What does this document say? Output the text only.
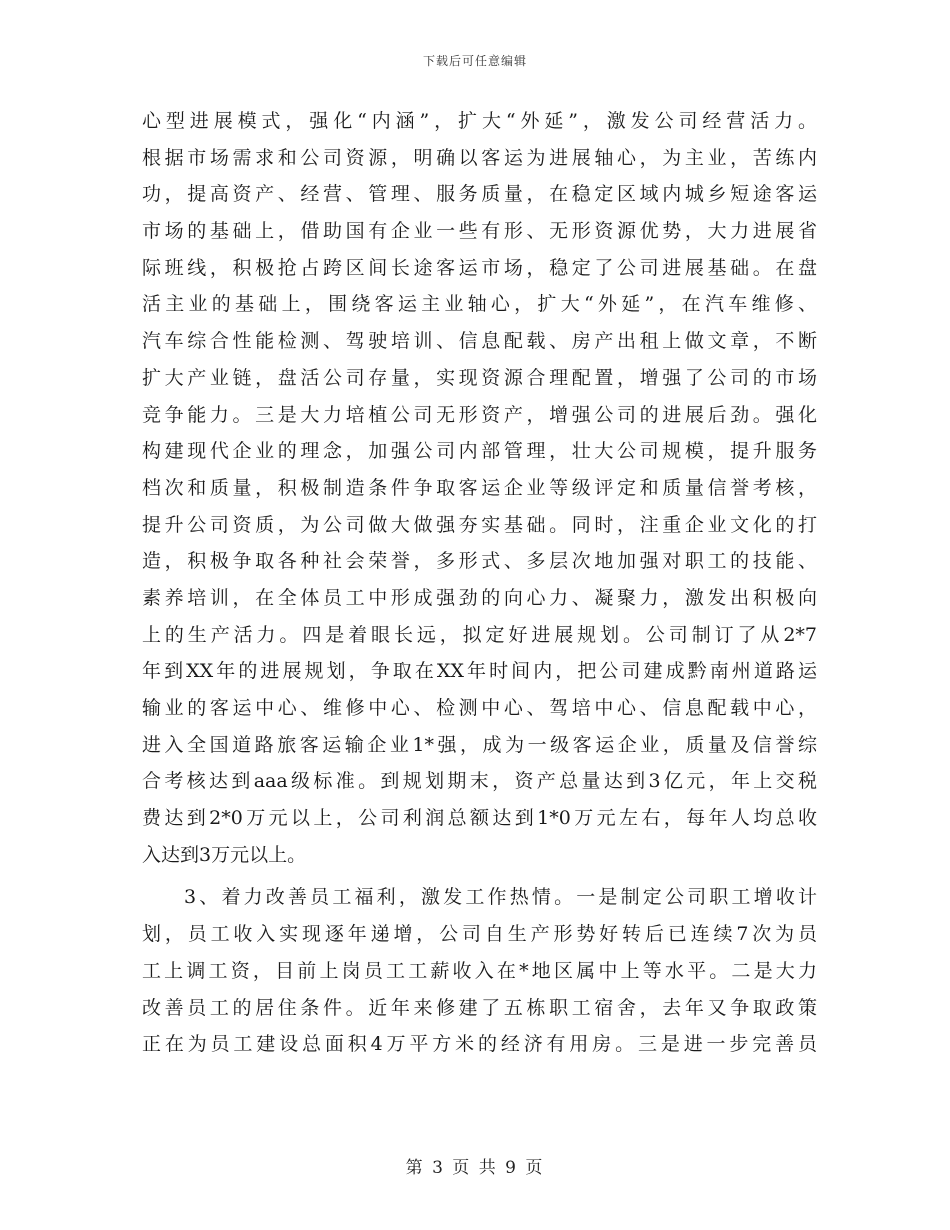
下载后可任意编辑
心型进展模式，强化“内涵”，扩大“外延”，激发公司经营活力。
根据市场需求和公司资源，明确以客运为进展轴心，为主业，苦练内
功，提高资产、经营、管理、服务质量，在稳定区域内城乡短途客运
市场的基础上，借助国有企业一些有形、无形资源优势，大力进展省
际班线，积极抢占跨区间长途客运市场，稳定了公司进展基础。在盘
活主业的基础上，围绕客运主业轴心，扩大“外延”，在汽车维修、
汽车综合性能检测、驾驶培训、信息配载、房产出租上做文章，不断
扩大产业链，盘活公司存量，实现资源合理配置，增强了公司的市场
竞争能力。三是大力培植公司无形资产，增强公司的进展后劲。强化
构建现代企业的理念，加强公司内部管理，壮大公司规模，提升服务
档次和质量，积极制造条件争取客运企业等级评定和质量信誉考核，
提升公司资质，为公司做大做强夯实基础。同时，注重企业文化的打
造，积极争取各种社会荣誉，多形式、多层次地加强对职工的技能、
素养培训，在全体员工中形成强劲的向心力、凝聚力，激发出积极向
上的生产活力。四是着眼长远，拟定好进展规划。公司制订了从2*7
年到XX年的进展规划，争取在XX年时间内，把公司建成黔南州道路运
输业的客运中心、维修中心、检测中心、驾培中心、信息配载中心，
进入全国道路旅客运输企业1*强，成为一级客运企业，质量及信誉综
合考核达到aaa级标准。到规划期末，资产总量达到3亿元，年上交税
费达到2*0万元以上，公司利润总额达到1*0万元左右，每年人均总收
入达到3万元以上。
3、着力改善员工福利，激发工作热情。一是制定公司职工增收计
划，员工收入实现逐年递增，公司自生产形势好转后已连续7次为员
工上调工资，目前上岗员工工薪收入在*地区属中上等水平。二是大力
改善员工的居住条件。近年来修建了五栋职工宿舍，去年又争取政策
正在为员工建设总面积4万平方米的经济有用房。三是进一步完善员
第 3 页 共 9 页
